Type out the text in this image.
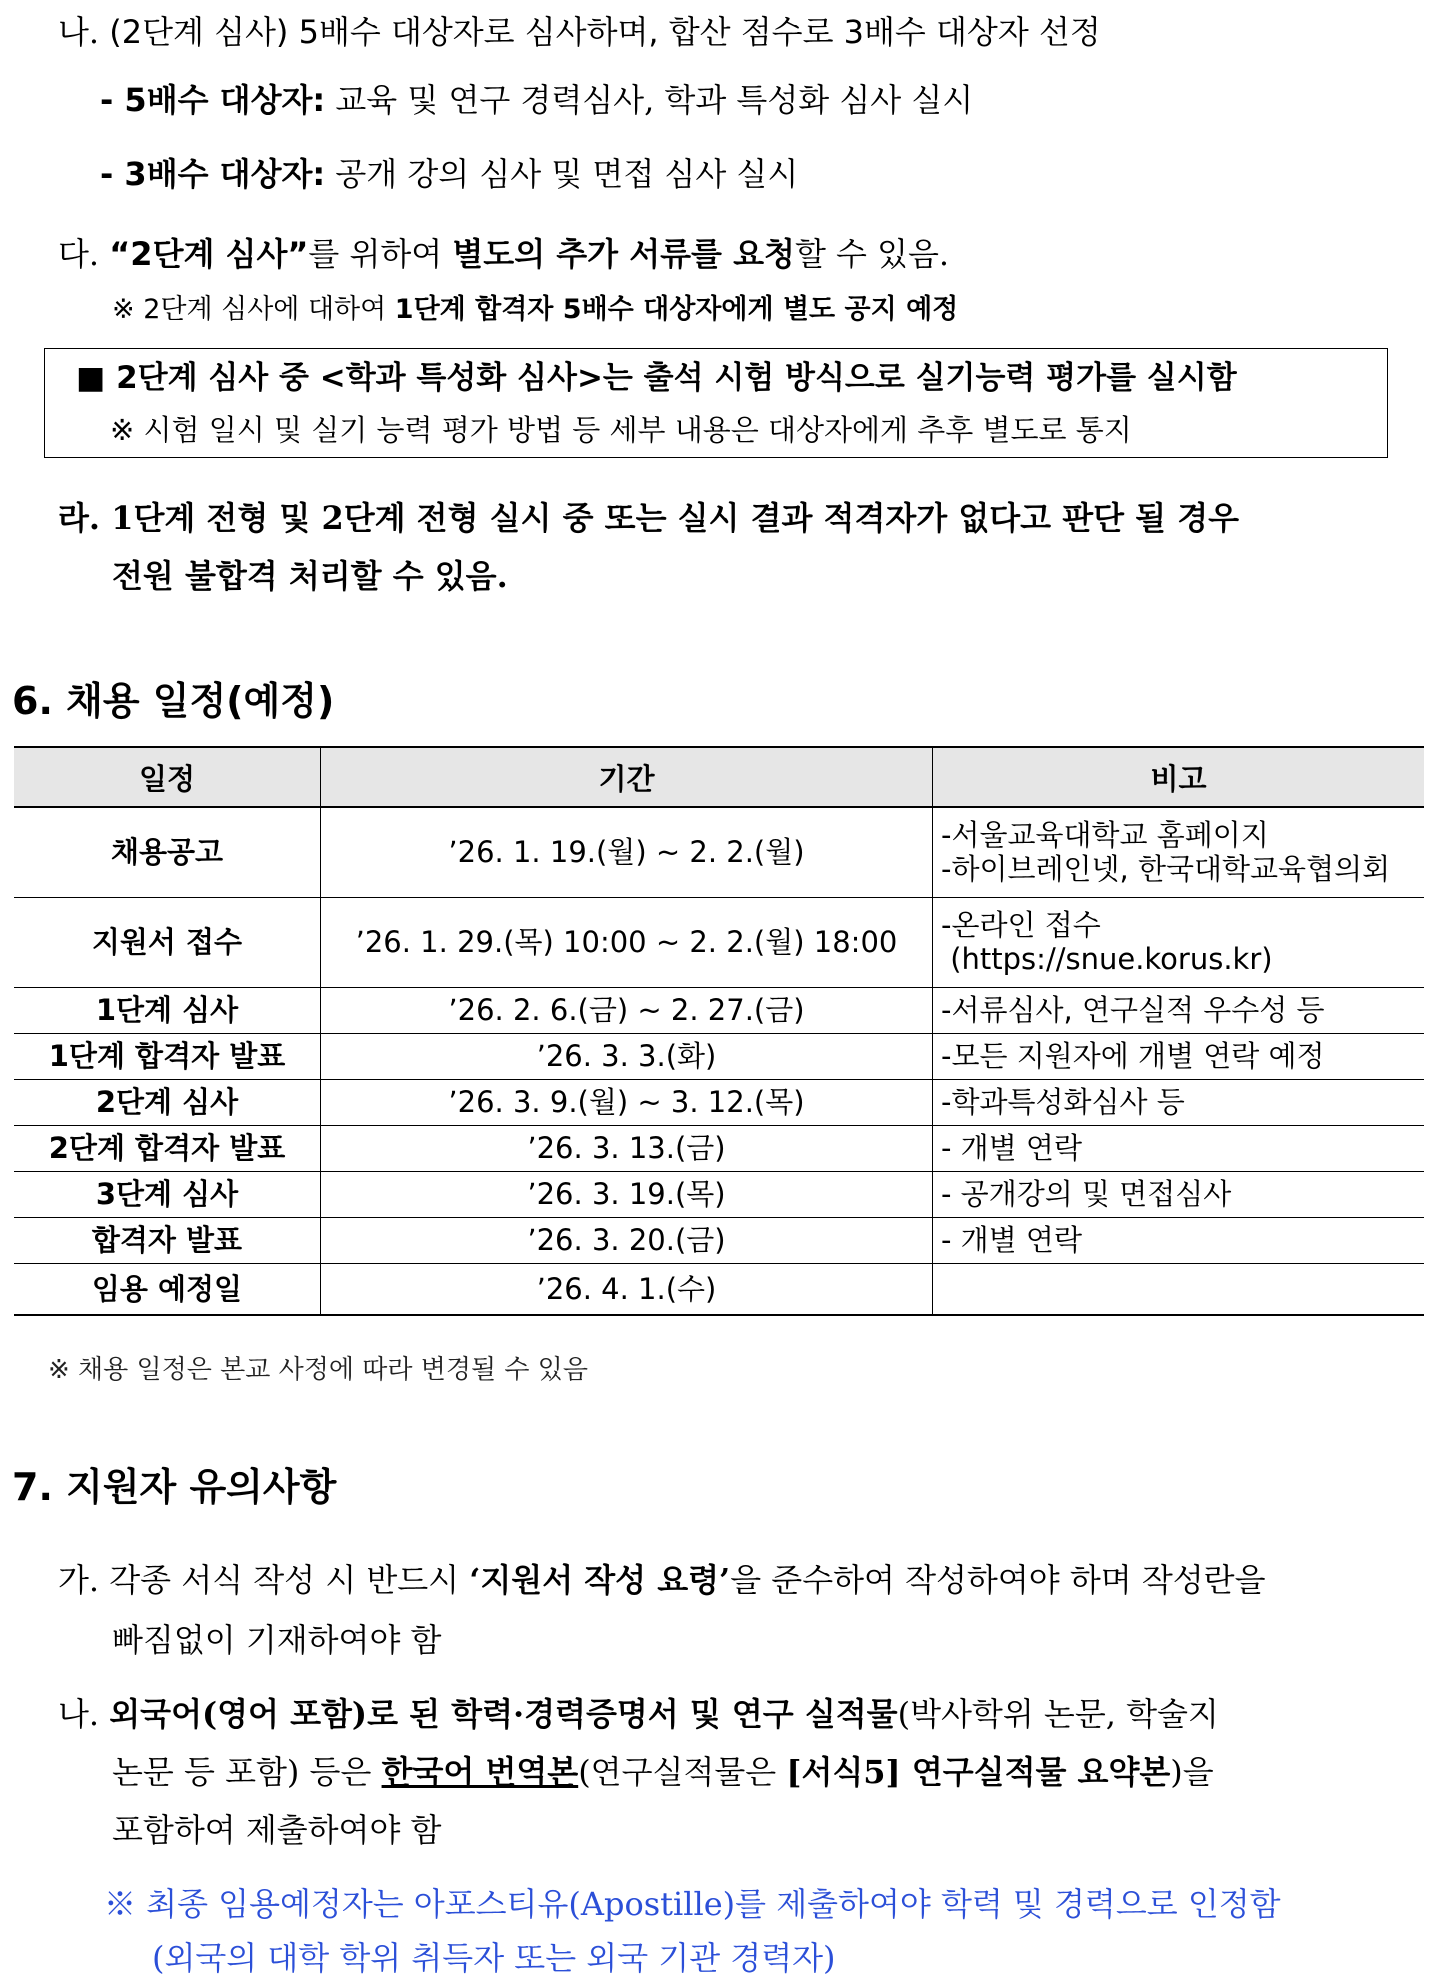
나. (2단계 심사) 5배수 대상자로 심사하며, 합산 점수로 3배수 대상자 선정
- 5배수 대상자: 교육 및 연구 경력심사, 학과 특성화 심사 실시
- 3배수 대상자: 공개 강의 심사 및 면접 심사 실시
다. “2단계 심사”를 위하여 별도의 추가 서류를 요청할 수 있음.
※ 2단계 심사에 대하여 1단계 합격자 5배수 대상자에게 별도 공지 예정
■ 2단계 심사 중 <학과 특성화 심사>는 출석 시험 방식으로 실기능력 평가를 실시함
※ 시험 일시 및 실기 능력 평가 방법 등 세부 내용은 대상자에게 추후 별도로 통지
라. 1단계 전형 및 2단계 전형 실시 중 또는 실시 결과 적격자가 없다고 판단 될 경우
전원 불합격 처리할 수 있음.
6. 채용 일정(예정)
일정	기간	비고
채용공고	’26. 1. 19.(월) ~ 2. 2.(월)	-서울교육대학교 홈페이지
-하이브레인넷, 한국대학교육협의회
지원서 접수	’26. 1. 29.(목) 10:00 ~ 2. 2.(월) 18:00	-온라인 접수
(https://snue.korus.kr)
1단계 심사	’26. 2. 6.(금) ~ 2. 27.(금)	-서류심사, 연구실적 우수성 등
1단계 합격자 발표	’26. 3. 3.(화)	-모든 지원자에 개별 연락 예정
2단계 심사	’26. 3. 9.(월) ~ 3. 12.(목)	-학과특성화심사 등
2단계 합격자 발표	’26. 3. 13.(금)	- 개별 연락
3단계 심사	’26. 3. 19.(목)	- 공개강의 및 면접심사
합격자 발표	’26. 3. 20.(금)	- 개별 연락
임용 예정일	’26. 4. 1.(수)	
※ 채용 일정은 본교 사정에 따라 변경될 수 있음
7. 지원자 유의사항
가. 각종 서식 작성 시 반드시 ‘지원서 작성 요령’을 준수하여 작성하여야 하며 작성란을
빠짐없이 기재하여야 함
나. 외국어(영어 포함)로 된 학력·경력증명서 및 연구 실적물(박사학위 논문, 학술지
논문 등 포함) 등은 한국어 번역본(연구실적물은 [서식5] 연구실적물 요약본)을
포함하여 제출하여야 함
※ 최종 임용예정자는 아포스티유(Apostille)를 제출하여야 학력 및 경력으로 인정함
(외국의 대학 학위 취득자 또는 외국 기관 경력자)
